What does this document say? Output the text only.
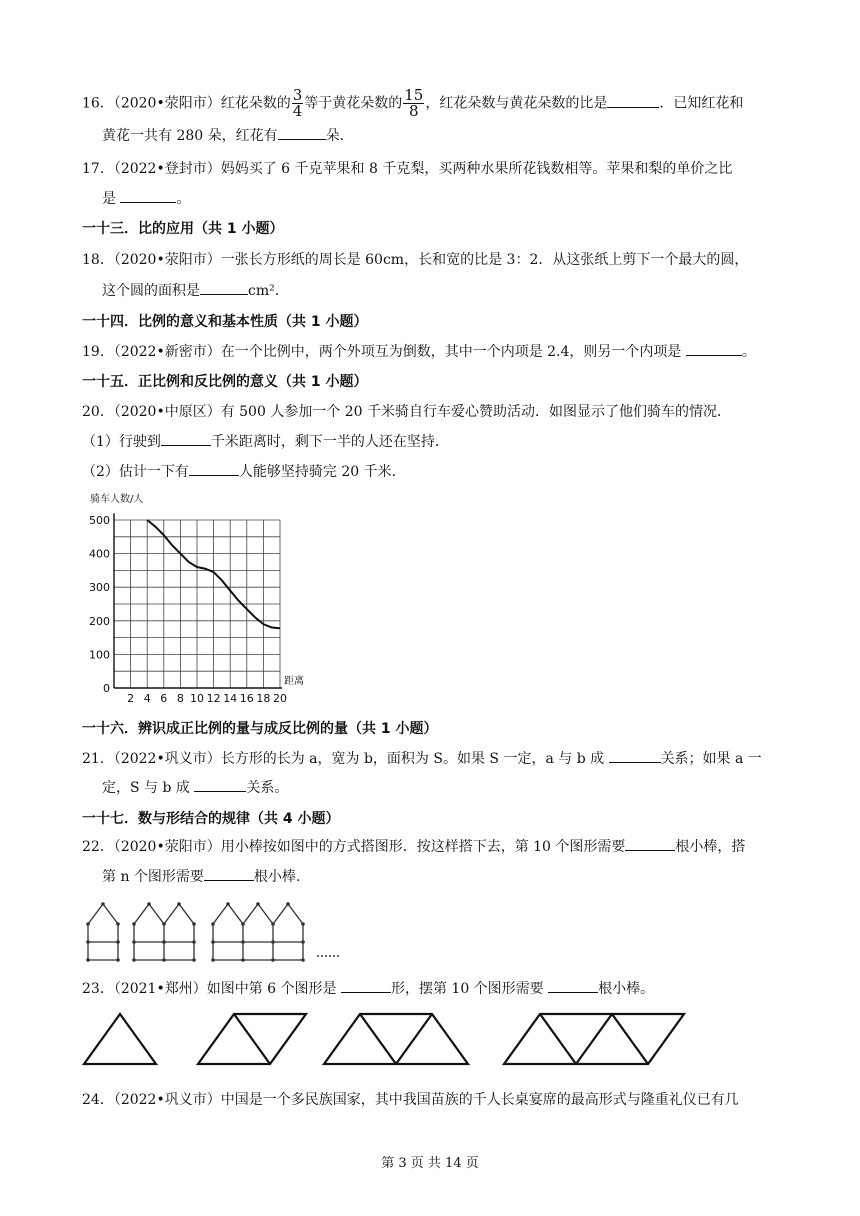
16．（2020•荥阳市）红花朵数的 $\frac{3}{4}$ 等于黄花朵数的 $\frac{15}{8}$ ，红花朵数与黄花朵数的比是	．已知红花和
黄花一共有 280 朵，红花有	朵.
17．（2022•登封市）妈妈买了 6 千克苹果和 8 千克梨，买两种水果所花钱数相等。苹果和梨的单价之比
是	。
一十三．比的应用（共 1 小题）
18．（2020•荥阳市）一张长方形纸的周长是 60cm，长和宽的比是 3：2．从这张纸上剪下一个最大的圆，
这个圆的面积是	cm².
一十四．比例的意义和基本性质（共 1 小题）
19．（2022•新密市）在一个比例中，两个外项互为倒数，其中一个内项是 2.4，则另一个内项是	。
一十五．正比例和反比例的意义（共 1 小题）
20．（2020•中原区）有 500 人参加一个 20 千米骑自行车爱心赞助活动．如图显示了他们骑车的情况．
（1）行驶到	千米距离时，剩下一半的人还在坚持．
（2）估计一下有	人能够坚持骑完 20 千米．
骑车人数/人
距离
0
100
200
300
400
500
2 4 6 8 10 12 14 16 18 20
一十六．辨识成正比例的量与成反比例的量（共 1 小题）
21．（2022•巩义市）长方形的长为 a，宽为 b，面积为 S。如果 S 一定，a 与 b 成	关系；如果 a 一
定，S 与 b 成	关系。
一十七．数与形结合的规律（共 4 小题）
22．（2020•荥阳市）用小棒按如图中的方式搭图形．按这样搭下去，第 10 个图形需要	根小棒，搭
第 n 个图形需要	根小棒.
23．（2021•郑州）如图中第 6 个图形是	形，摆第 10 个图形需要	根小棒。
24．（2022•巩义市）中国是一个多民族国家，其中我国苗族的千人长桌宴席的最高形式与隆重礼仪已有几
第 3 页 共 14 页
